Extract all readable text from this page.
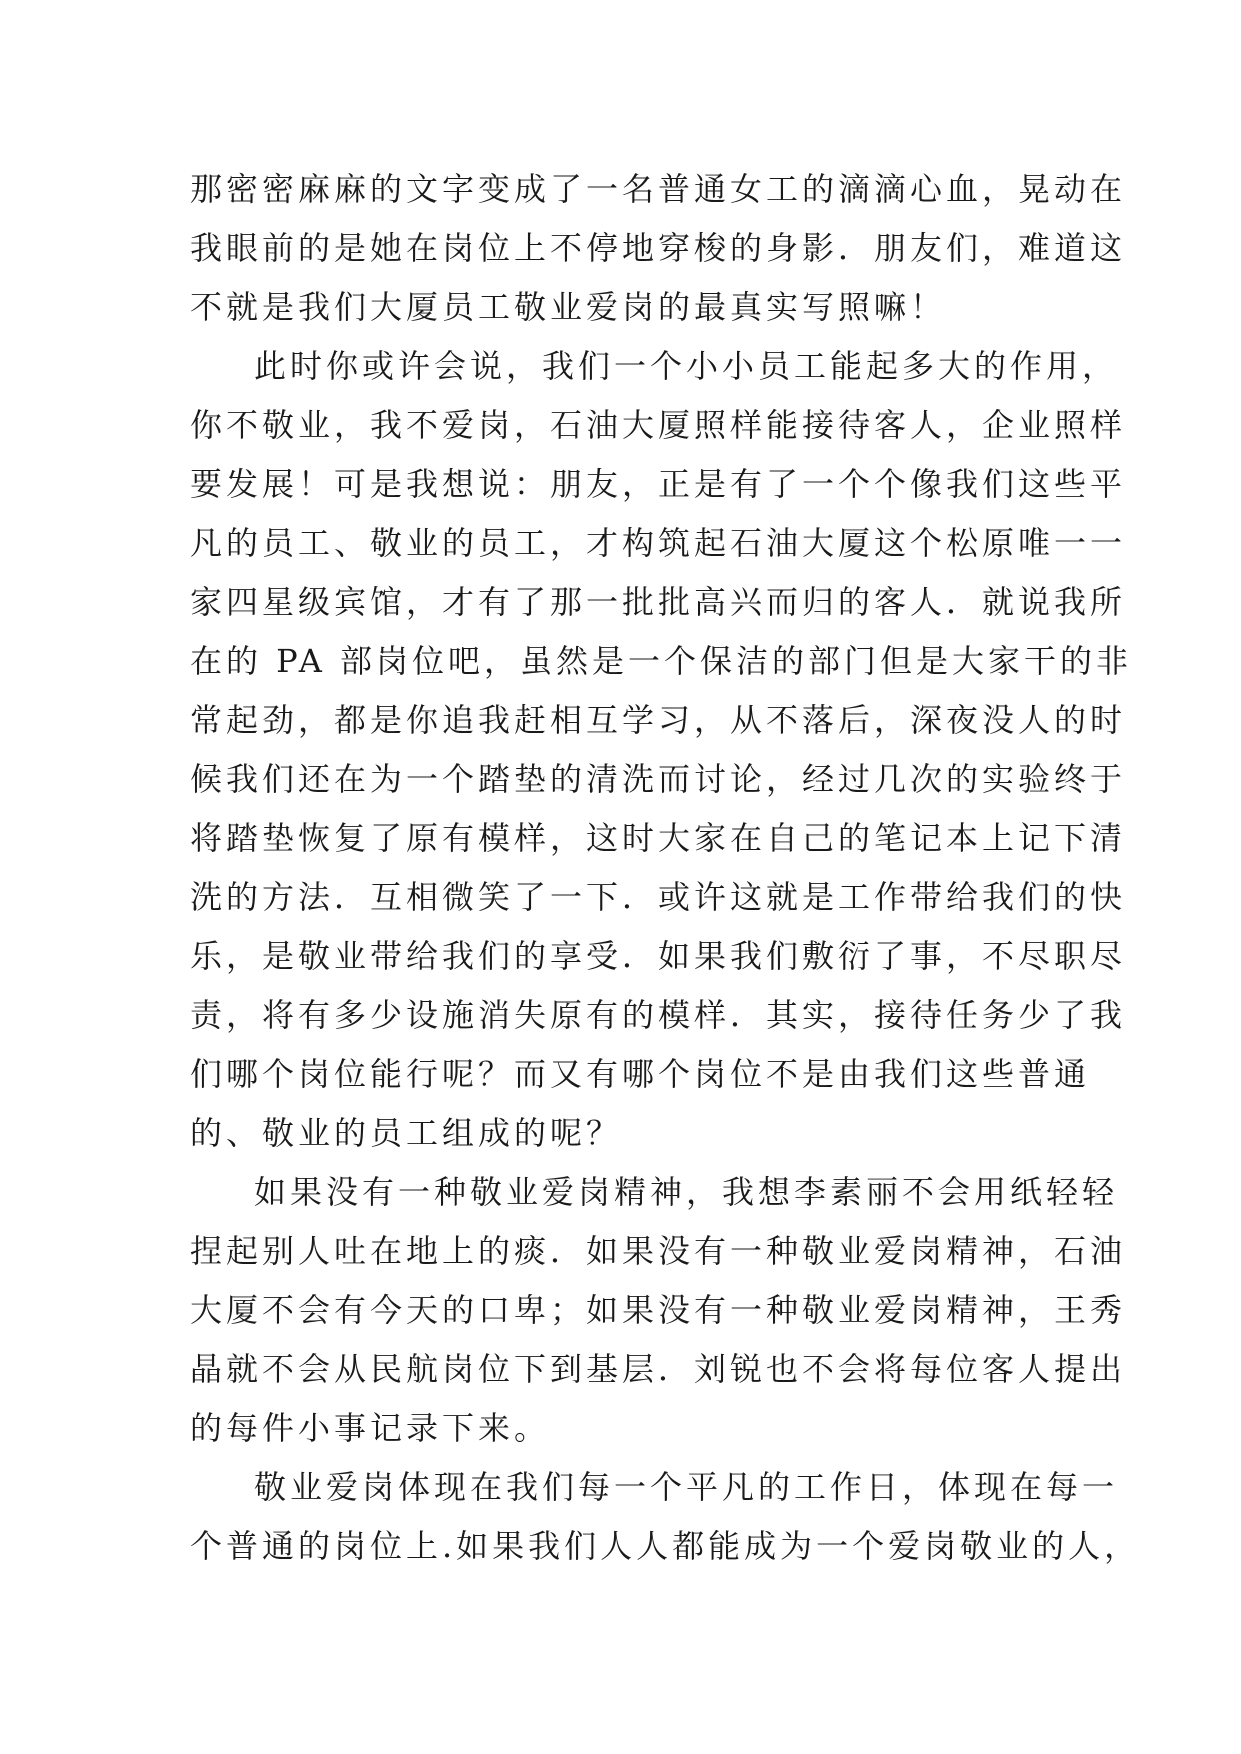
那密密麻麻的文字变成了一名普通女工的滴滴心血，晃动在
我眼前的是她在岗位上不停地穿梭的身影．朋友们，难道这
不就是我们大厦员工敬业爱岗的最真实写照嘛！
此时你或许会说，我们一个小小员工能起多大的作用，
你不敬业，我不爱岗，石油大厦照样能接待客人，企业照样
要发展！可是我想说：朋友，正是有了一个个像我们这些平
凡的员工、敬业的员工，才构筑起石油大厦这个松原唯一一
家四星级宾馆，才有了那一批批高兴而归的客人．就说我所
在的 PA 部岗位吧，虽然是一个保洁的部门但是大家干的非
常起劲，都是你追我赶相互学习，从不落后，深夜没人的时
候我们还在为一个踏垫的清洗而讨论，经过几次的实验终于
将踏垫恢复了原有模样，这时大家在自己的笔记本上记下清
洗的方法．互相微笑了一下．或许这就是工作带给我们的快
乐，是敬业带给我们的享受．如果我们敷衍了事，不尽职尽
责，将有多少设施消失原有的模样．其实，接待任务少了我
们哪个岗位能行呢？而又有哪个岗位不是由我们这些普通
的、敬业的员工组成的呢？
如果没有一种敬业爱岗精神，我想李素丽不会用纸轻轻
捏起别人吐在地上的痰．如果没有一种敬业爱岗精神，石油
大厦不会有今天的口卑；如果没有一种敬业爱岗精神，王秀
晶就不会从民航岗位下到基层．刘锐也不会将每位客人提出
的每件小事记录下来。
敬业爱岗体现在我们每一个平凡的工作日，体现在每一
个普通的岗位上.如果我们人人都能成为一个爱岗敬业的人，
